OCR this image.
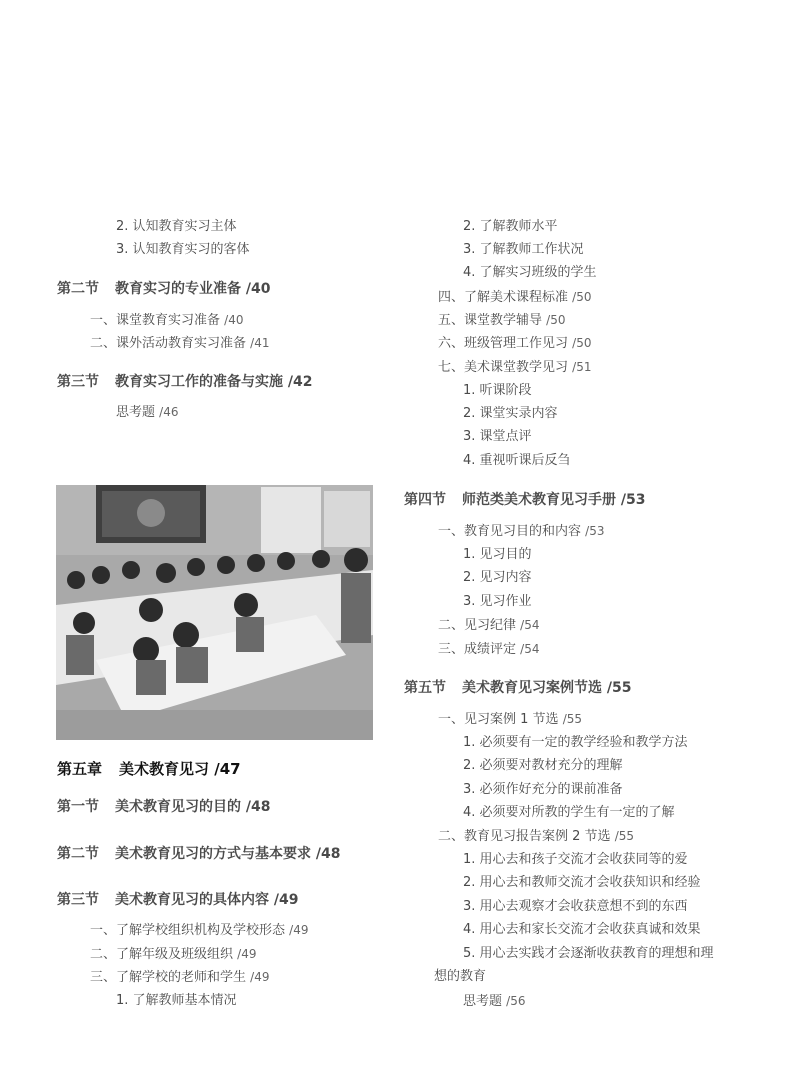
2. 认知教育实习主体
3. 认知教育实习的客体
第二节 教育实习的专业准备 /40
一、课堂教育实习准备 /40
二、课外活动教育实习准备 /41
第三节 教育实习工作的准备与实施 /42
思考题 /46
第五章 美术教育见习 /47
第一节 美术教育见习的目的 /48
第二节 美术教育见习的方式与基本要求 /48
第三节 美术教育见习的具体内容 /49
一、了解学校组织机构及学校形态 /49
二、了解年级及班级组织 /49
三、了解学校的老师和学生 /49
1. 了解教师基本情况
2. 了解教师水平
3. 了解教师工作状况
4. 了解实习班级的学生
四、了解美术课程标准 /50
五、课堂教学辅导 /50
六、班级管理工作见习 /50
七、美术课堂教学见习 /51
1. 听课阶段
2. 课堂实录内容
3. 课堂点评
4. 重视听课后反刍
第四节 师范类美术教育见习手册 /53
一、教育见习目的和内容 /53
1. 见习目的
2. 见习内容
3. 见习作业
二、见习纪律 /54
三、成绩评定 /54
第五节 美术教育见习案例节选 /55
一、见习案例 1 节选 /55
1. 必须要有一定的教学经验和教学方法
2. 必须要对教材充分的理解
3. 必须作好充分的课前准备
4. 必须要对所教的学生有一定的了解
二、教育见习报告案例 2 节选 /55
1. 用心去和孩子交流才会收获同等的爱
2. 用心去和教师交流才会收获知识和经验
3. 用心去观察才会收获意想不到的东西
4. 用心去和家长交流才会收获真诚和效果
5. 用心去实践才会逐渐收获教育的理想和理
想的教育
思考题 /56
